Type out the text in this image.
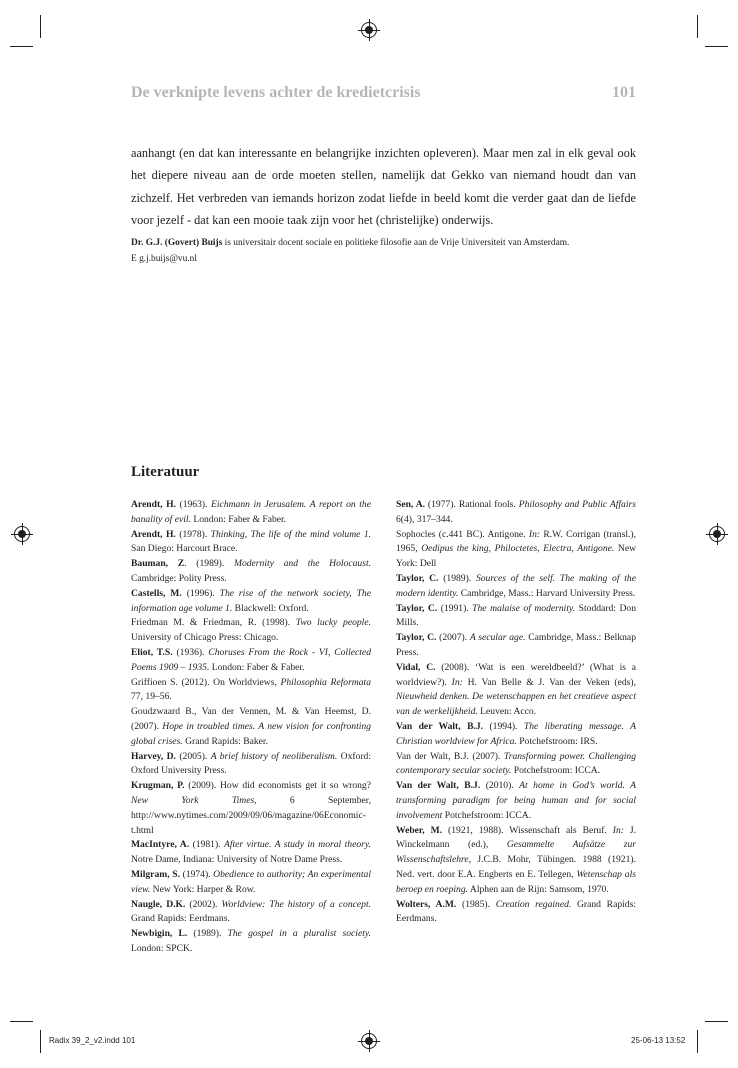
De verknipte levens achter de kredietcrisis	101

aanhangt (en dat kan interessante en belangrijke inzichten opleveren). Maar men zal in elk geval ook het diepere niveau aan de orde moeten stellen, namelijk dat Gekko van niemand houdt dan van zichzelf. Het verbreden van iemands horizon zodat liefde in beeld komt die verder gaat dan de liefde voor jezelf - dat kan een mooie taak zijn voor het (christelijke) onderwijs.

Dr. G.J. (Govert) Buijs is universitair docent sociale en politieke filosofie aan de Vrije Universiteit van Amsterdam.
E g.j.buijs@vu.nl

Literatuur
Arendt, H. (1963). Eichmann in Jerusalem. A report on the banality of evil. London: Faber & Faber.
Arendt, H. (1978). Thinking, The life of the mind volume 1. San Diego: Harcourt Brace.
Bauman, Z. (1989). Modernity and the Holocaust. Cambridge: Polity Press.
Castells, M. (1996). The rise of the network society, The information age volume 1. Blackwell: Oxford.
Friedman M. & Friedman, R. (1998). Two lucky people. University of Chicago Press: Chicago.
Eliot, T.S. (1936). Choruses From the Rock - VI, Collected Poems 1909 – 1935. London: Faber & Faber.
Griffioen S. (2012). On Worldviews, Philosophia Reformata 77, 19–56.
Goudzwaard B., Van der Vennen, M. & Van Heemst, D. (2007). Hope in troubled times. A new vision for confronting global crises. Grand Rapids: Baker.
Harvey, D. (2005). A brief history of neoliberalism. Oxford: Oxford University Press.
Krugman, P. (2009). How did economists get it so wrong? New York Times, 6 September, http://www.nytimes.com/2009/09/06/magazine/06Economic-t.html
MacIntyre, A. (1981). After virtue. A study in moral theory. Notre Dame, Indiana: University of Notre Dame Press.
Milgram, S. (1974). Obedience to authority; An experimental view. New York: Harper & Row.
Naugle, D.K. (2002). Worldview: The history of a concept. Grand Rapids: Eerdmans.
Newbigin, L. (1989). The gospel in a pluralist society. London: SPCK.
Sen, A. (1977). Rational fools. Philosophy and Public Affairs 6(4), 317–344.
Sophocles (c.441 BC). Antigone. In: R.W. Corrigan (transl.), 1965, Oedipus the king, Philoctetes, Electra, Antigone. New York: Dell
Taylor, C. (1989). Sources of the self. The making of the modern identity. Cambridge, Mass.: Harvard University Press.
Taylor, C. (1991). The malaise of modernity. Stoddard: Don Mills.
Taylor, C. (2007). A secular age. Cambridge, Mass.: Belknap Press.
Vidal, C. (2008). ‘Wat is een wereldbeeld?’ (What is a worldview?). In: H. Van Belle & J. Van der Veken (eds), Nieuwheid denken. De wetenschappen en het creatieve aspect van de werkelijkheid. Leuven: Acco.
Van der Walt, B.J. (1994). The liberating message. A Christian worldview for Africa. Potchefstroom: IRS.
Van der Walt, B.J. (2007). Transforming power. Challenging contemporary secular society. Potchefstroom: ICCA.
Van der Walt, B.J. (2010). At home in God’s world. A transforming paradigm for being human and for social involvement Potchefstroom: ICCA.
Weber, M. (1921, 1988). Wissenschaft als Beruf. In: J. Winckelmann (ed.), Gesammelte Aufsätze zur Wissenschaftslehre, J.C.B. Mohr, Tübingen. 1988 (1921). Ned. vert. door E.A. Engberts en E. Tellegen, Wetenschap als beroep en roeping. Alphen aan de Rijn: Samsom, 1970.
Wolters, A.M. (1985). Creation regained. Grand Rapids: Eerdmans.
Radix 39_2_v2.indd 101	25-06-13 13:52
